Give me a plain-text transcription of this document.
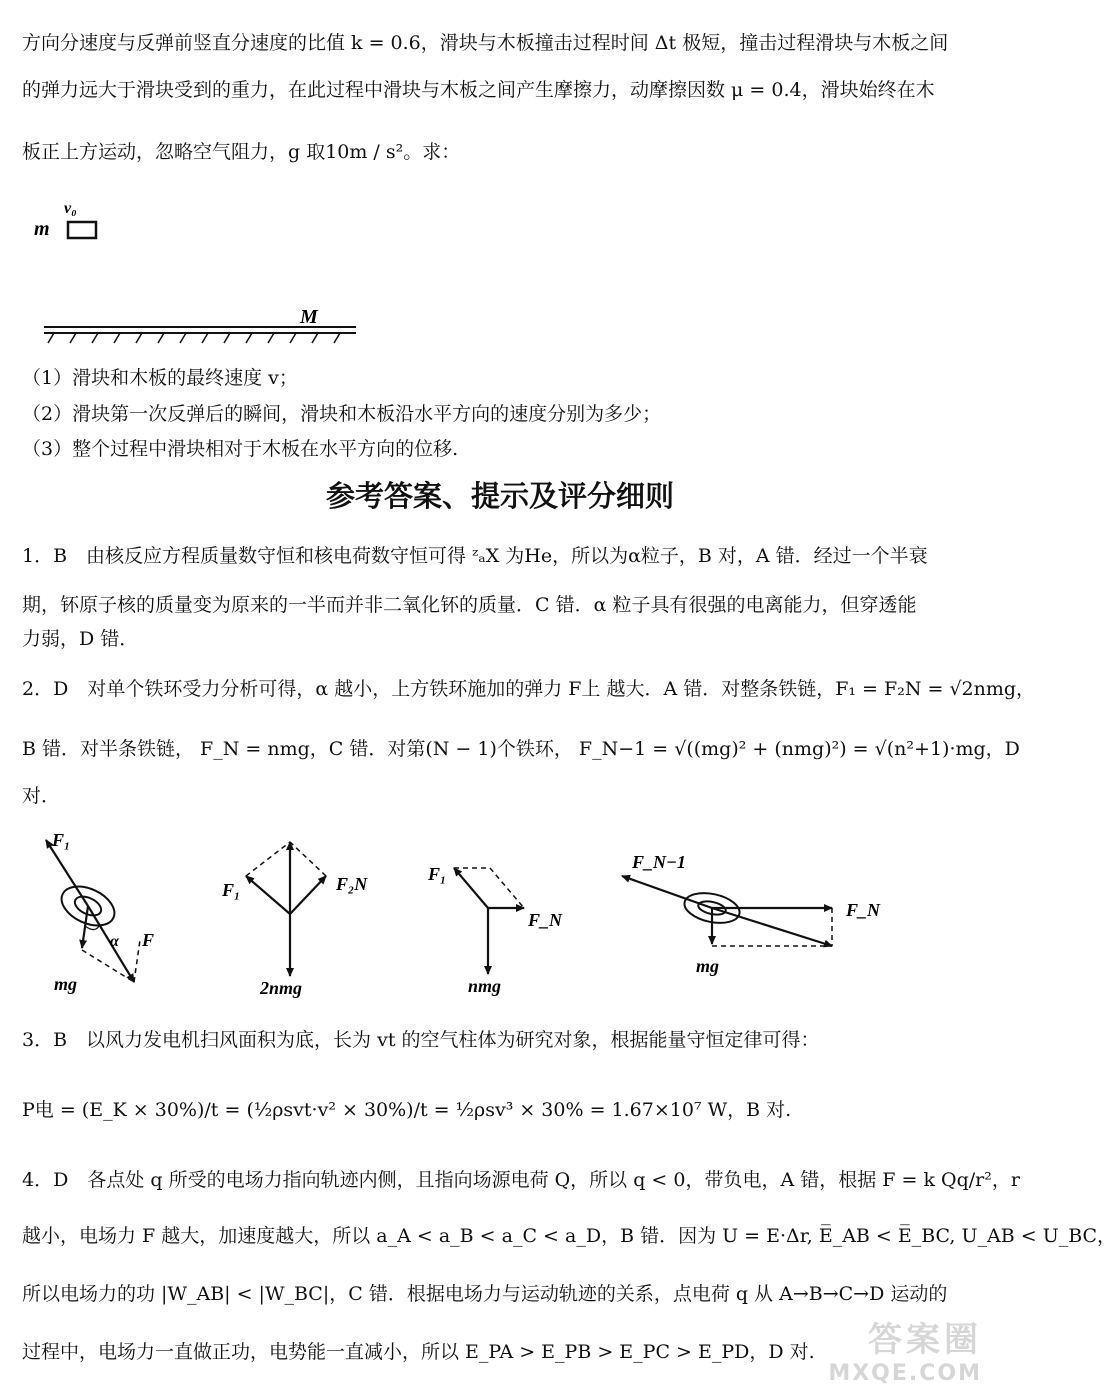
方向分速度与反弹前竖直分速度的比值 k = 0.6，滑块与木板撞击过程时间 Δt 极短，撞击过程滑块与木板之间
的弹力远大于滑块受到的重力，在此过程中滑块与木板之间产生摩擦力，动摩擦因数 μ = 0.4，滑块始终在木
板正上方运动，忽略空气阻力，g 取10m / s²。求：
m
v₀
M
（1）滑块和木板的最终速度 v；
（2）滑块第一次反弹后的瞬间，滑块和木板沿水平方向的速度分别为多少；
（3）整个过程中滑块相对于木板在水平方向的位移.
参考答案、提示及评分细则
1．B　由核反应方程质量数守恒和核电荷数守恒可得 ᶻₐX 为He，所以为α粒子，B 对，A 错．经过一个半衰
期，钚原子核的质量变为原来的一半而并非二氧化钚的质量．C 错．α 粒子具有很强的电离能力，但穿透能
力弱，D 错．
2．D　对单个铁环受力分析可得，α 越小，上方铁环施加的弹力 F上 越大．A 错．对整条铁链，F₁ = F₂N = √2nmg，
B 错．对半条铁链， F_N = nmg，C 错．对第(N − 1)个铁环， F_N−1 = √((mg)² + (nmg)²) = √(n²+1)·mg，D
对．
F₁
F
α
mg
F₁	F₂N
2nmg
F₁
F_N
nmg
F_N−1
F_N
mg
3．B　以风力发电机扫风面积为底，长为 vt 的空气柱体为研究对象，根据能量守恒定律可得：
P电 = (E_K × 30%)/t = (½ρsvt·v² × 30%)/t = ½ρsv³ × 30% = 1.67×10⁷ W，B 对.
4．D　各点处 q 所受的电场力指向轨迹内侧，且指向场源电荷 Q，所以 q < 0，带负电，A 错，根据 F = k Qq/r²，r
越小，电场力 F 越大，加速度越大，所以 a_A < a_B < a_C < a_D，B 错．因为 U = E·Δr, E̅_AB < E̅_BC, U_AB < U_BC，
所以电场力的功 |W_AB| < |W_BC|，C 错．根据电场力与运动轨迹的关系，点电荷 q 从 A→B→C→D 运动的
过程中，电场力一直做正功，电势能一直减小，所以 E_PA > E_PB > E_PC > E_PD，D 对.	答案圈
MXQE.COM
